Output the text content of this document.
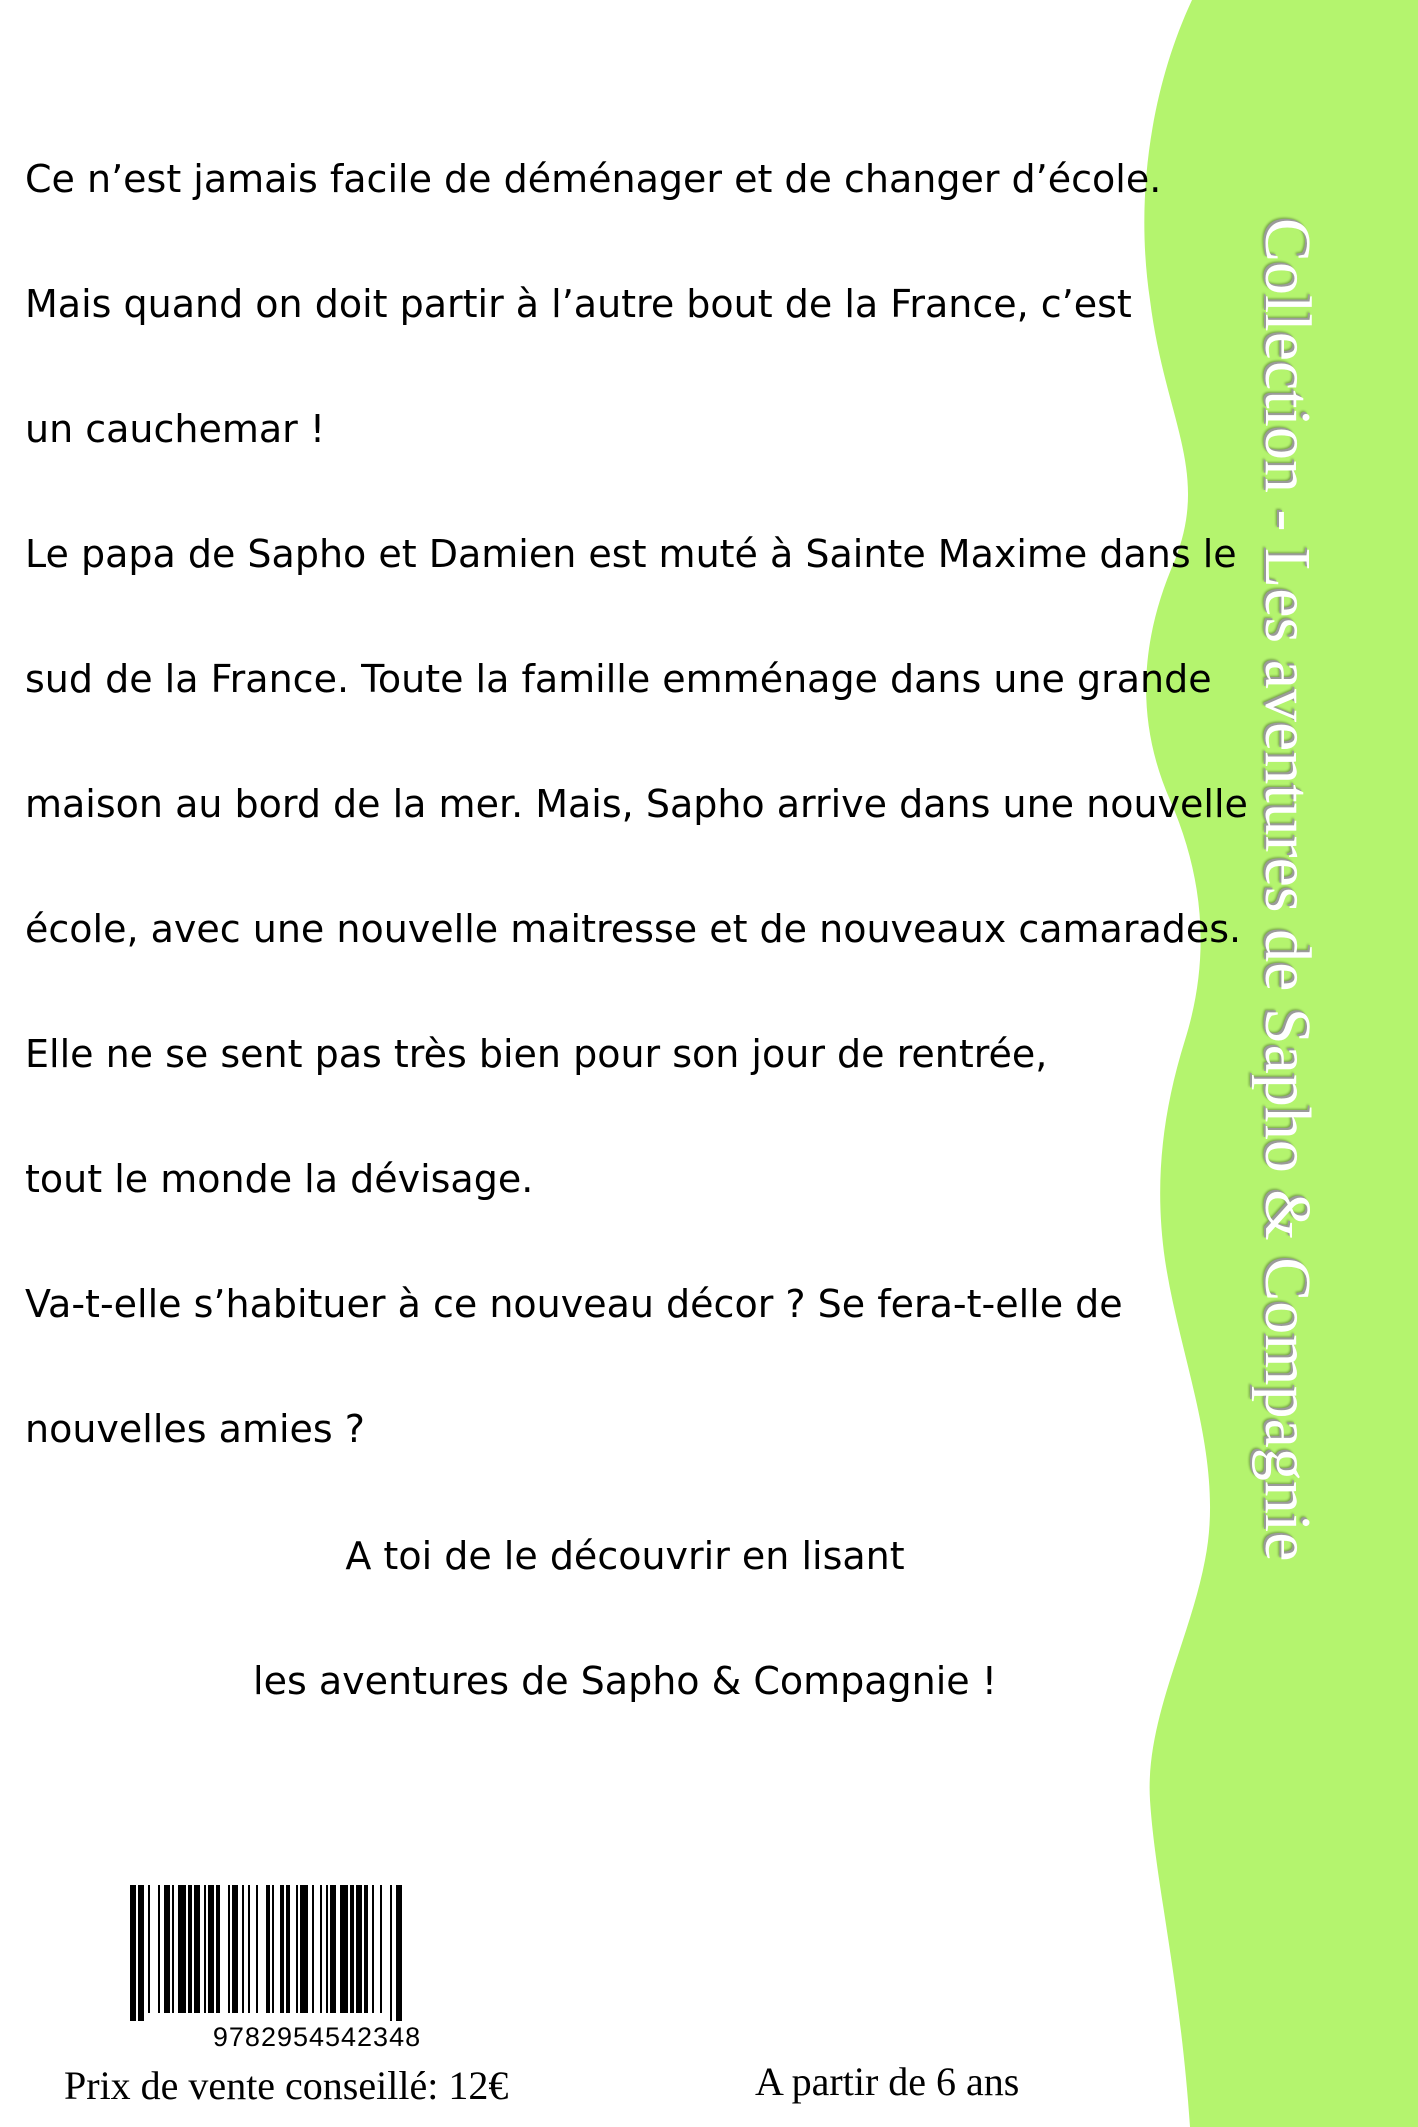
Collection - Les aventures de Sapho & Compagnie

Ce n’est jamais facile de déménager et de changer d’école.

Mais quand on doit partir à l’autre bout de la France, c’est

un cauchemar !

Le papa de Sapho et Damien est muté à Sainte Maxime dans le

sud de la France. Toute la famille emménage dans une grande

maison au bord de la mer. Mais, Sapho arrive dans une nouvelle

école, avec une nouvelle maitresse et de nouveaux camarades.

Elle ne se sent pas très bien pour son jour de rentrée,

tout le monde la dévisage.

Va-t-elle s’habituer à ce nouveau décor ? Se fera-t-elle de

nouvelles amies ?

A toi de le découvrir en lisant

les aventures de Sapho & Compagnie !

9782954542348
Prix de vente conseillé: 12€	A partir de 6 ans
